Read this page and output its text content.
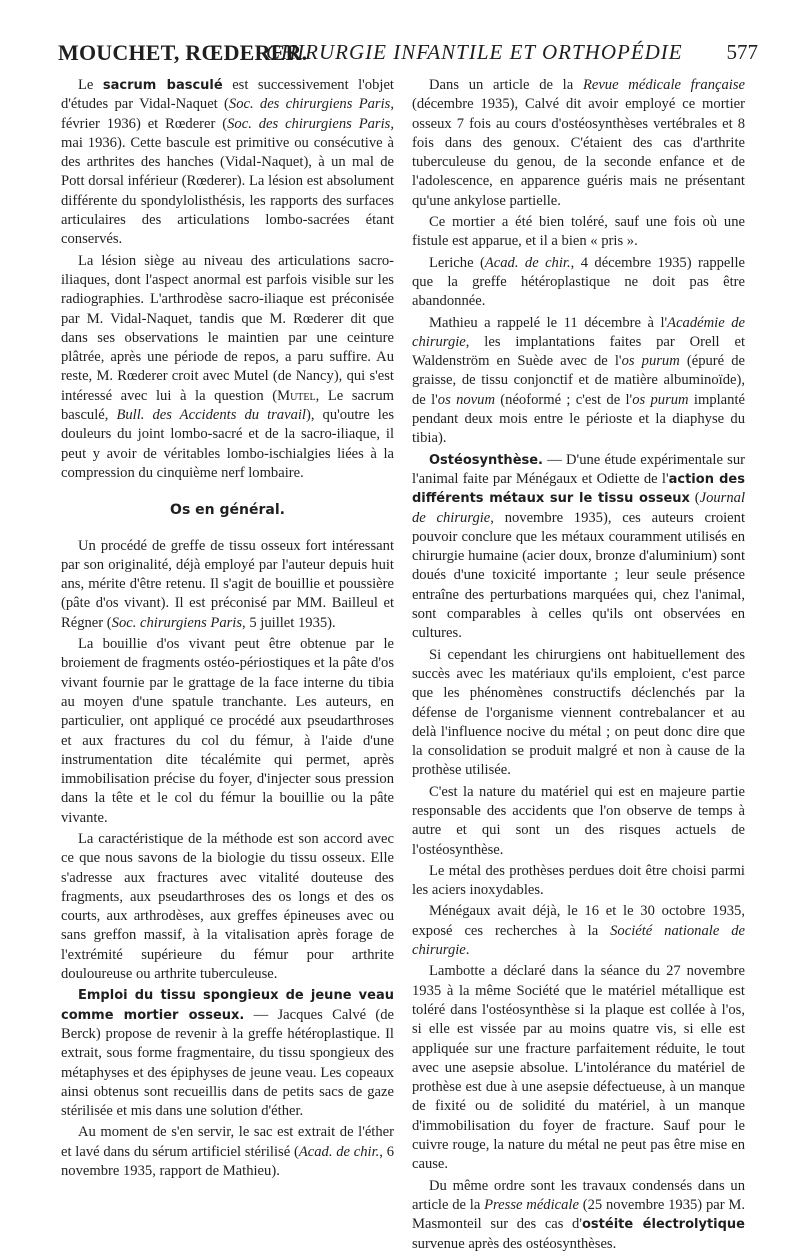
MOUCHET, RŒDERER.
CHIRURGIE INFANTILE ET ORTHOPÉDIE 577

Le sacrum basculé est successivement l'objet d'études par Vidal-Naquet (Soc. des chirurgiens Paris, février 1936) et Rœderer (Soc. des chirurgiens Paris, mai 1936). Cette bascule est primitive ou consécutive à des arthrites des hanches (Vidal-Naquet), à un mal de Pott dorsal inférieur (Rœderer). La lésion est absolument différente du spondylolisthésis, les rapports des surfaces articulaires des articulations lombo-sacrées étant conservés.

La lésion siège au niveau des articulations sacro-iliaques, dont l'aspect anormal est parfois visible sur les radiographies. L'arthrodèse sacro-iliaque est préconisée par M. Vidal-Naquet, tandis que M. Rœderer dit que dans ses observations le maintien par une ceinture plâtrée, après une période de repos, a paru suffire. Au reste, M. Rœderer croit avec Mutel (de Nancy), qui s'est intéressé avec lui à la question (Mutel, Le sacrum basculé, Bull. des Accidents du travail), qu'outre les douleurs du joint lombo-sacré et de la sacro-iliaque, il peut y avoir de véritables lombo-ischialgies liées à la compression du cinquième nerf lombaire.

Os en général.

Un procédé de greffe de tissu osseux fort intéressant par son originalité, déjà employé par l'auteur depuis huit ans, mérite d'être retenu. Il s'agit de bouillie et poussière (pâte d'os vivant). Il est préconisé par MM. Bailleul et Régner (Soc. chirurgiens Paris, 5 juillet 1935).

La bouillie d'os vivant peut être obtenue par le broiement de fragments ostéo-périostiques et la pâte d'os vivant fournie par le grattage de la face interne du tibia au moyen d'une spatule tranchante. Les auteurs, en particulier, ont appliqué ce procédé aux pseudarthroses et aux fractures du col du fémur, à l'aide d'une instrumentation dite técalémite qui permet, après immobilisation précise du foyer, d'injecter sous pression dans la tête et le col du fémur la bouillie ou la pâte vivante.

La caractéristique de la méthode est son accord avec ce que nous savons de la biologie du tissu osseux. Elle s'adresse aux fractures avec vitalité douteuse des fragments, aux pseudarthroses des os longs et des os courts, aux arthrodèses, aux greffes épineuses avec ou sans greffon massif, à la vitalisation après forage de l'extrémité supérieure du fémur pour arthrite douloureuse ou arthrite tuberculeuse.

Emploi du tissu spongieux de jeune veau comme mortier osseux. — Jacques Calvé (de Berck) propose de revenir à la greffe hétéroplastique. Il extrait, sous forme fragmentaire, du tissu spongieux des métaphyses et des épiphyses de jeune veau. Les copeaux ainsi obtenus sont recueillis dans de petits sacs de gaze stérilisée et mis dans une solution d'éther.

Au moment de s'en servir, le sac est extrait de l'éther et lavé dans du sérum artificiel stérilisé (Acad. de chir., 6 novembre 1935, rapport de Mathieu).

Dans un article de la Revue médicale française (décembre 1935), Calvé dit avoir employé ce mortier osseux 7 fois au cours d'ostéosynthèses vertébrales et 8 fois dans des genoux. C'étaient des cas d'arthrite tuberculeuse du genou, de la seconde enfance et de l'adolescence, en apparence guéris mais ne présentant qu'une ankylose partielle.

Ce mortier a été bien toléré, sauf une fois où une fistule est apparue, et il a bien « pris ».

Leriche (Acad. de chir., 4 décembre 1935) rappelle que la greffe hétéroplastique ne doit pas être abandonnée.

Mathieu a rappelé le 11 décembre à l'Académie de chirurgie, les implantations faites par Orell et Waldenström en Suède avec de l'os purum (épuré de graisse, de tissu conjonctif et de matière albuminoïde), de l'os novum (néoformé ; c'est de l'os purum implanté pendant deux mois entre le périoste et la diaphyse du tibia).

Ostéosynthèse. — D'une étude expérimentale sur l'animal faite par Ménégaux et Odiette de l'action des différents métaux sur le tissu osseux (Journal de chirurgie, novembre 1935), ces auteurs croient pouvoir conclure que les métaux couramment utilisés en chirurgie humaine (acier doux, bronze d'aluminium) sont doués d'une toxicité importante ; leur seule présence entraîne des perturbations marquées qui, chez l'animal, sont comparables à celles qu'ils ont observées en cultures.

Si cependant les chirurgiens ont habituellement des succès avec les matériaux qu'ils emploient, c'est parce que les phénomènes constructifs déclenchés par la défense de l'organisme viennent contrebalancer et au delà l'influence nocive du métal ; on peut donc dire que la consolidation se produit malgré et non à cause de la prothèse utilisée.

C'est la nature du matériel qui est en majeure partie responsable des accidents que l'on observe de temps à autre et qui sont un des risques actuels de l'ostéosynthèse.

Le métal des prothèses perdues doit être choisi parmi les aciers inoxydables.

Ménégaux avait déjà, le 16 et le 30 octobre 1935, exposé ces recherches à la Société nationale de chirurgie.

Lambotte a déclaré dans la séance du 27 novembre 1935 à la même Société que le matériel métallique est toléré dans l'ostéosynthèse si la plaque est collée à l'os, si elle est vissée par au moins quatre vis, si elle est appliquée sur une fracture parfaitement réduite, le tout avec une asepsie absolue. L'intolérance du matériel de prothèse est due à une asepsie défectueuse, à un manque de fixité ou de solidité du matériel, à un manque d'immobilisation du foyer de fracture. Sauf pour le cuivre rouge, la nature du métal ne peut pas être mise en cause.

Du même ordre sont les travaux condensés dans un article de la Presse médicale (25 novembre 1935) par M. Masmonteil sur des cas d'ostéite électrolytique survenue après des ostéosynthèses.
